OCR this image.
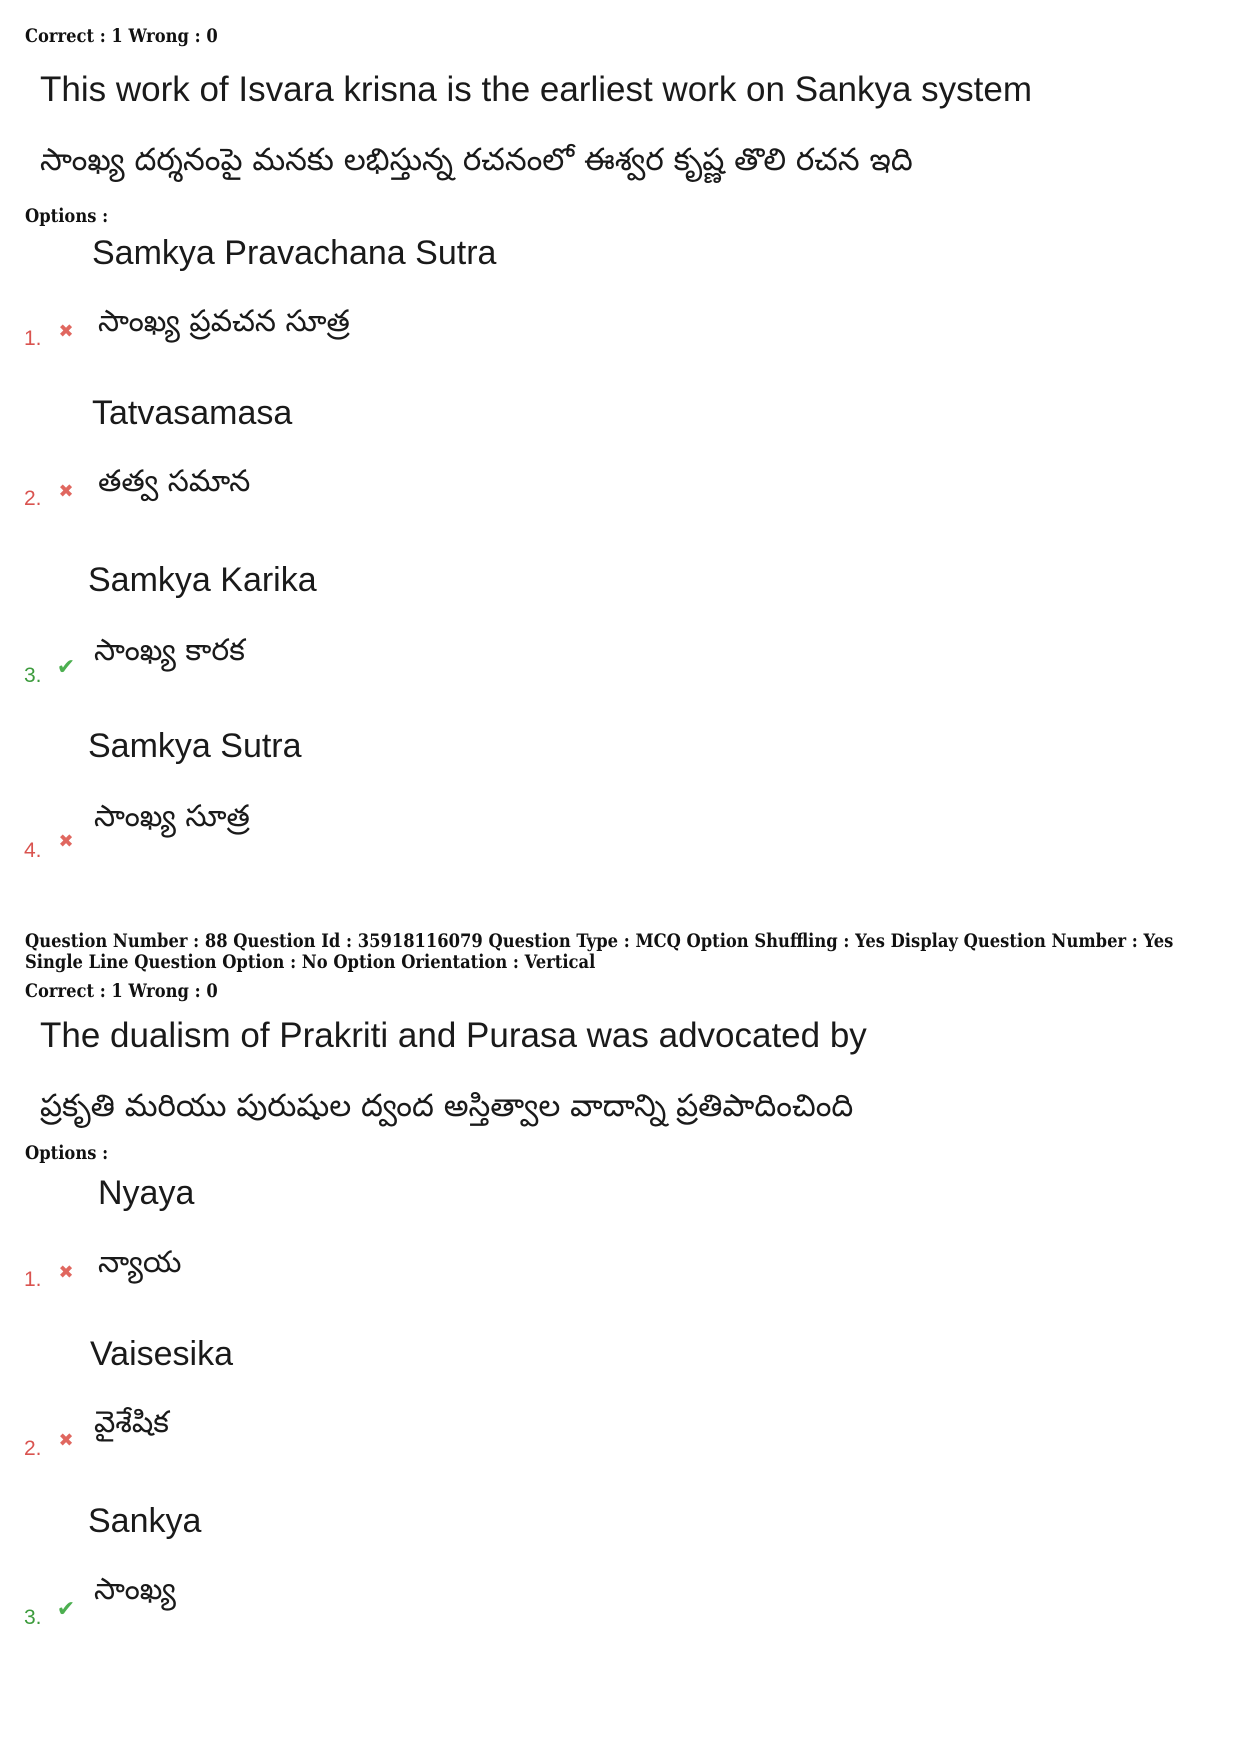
Correct : 1 Wrong : 0
This work of Isvara krisna is the earliest work on Sankya system
సాంఖ్య దర్శనంపై మనకు లభిస్తున్న రచనంలో ఈశ్వర కృష్ణ తొలి రచన ఇది
Options :
Samkya Pravachana Sutra
సాంఖ్య ప్రవచన సూత్ర
1. ✖
Tatvasamasa
తత్వ సమాన
2. ✖
Samkya Karika
సాంఖ్య కారక
3. ✔
Samkya Sutra
సాంఖ్య సూత్ర
4. ✖
Question Number : 88 Question Id : 35918116079 Question Type : MCQ Option Shuffling : Yes Display Question Number : Yes
Single Line Question Option : No Option Orientation : Vertical
Correct : 1 Wrong : 0
The dualism of Prakriti and Purasa was advocated by
ప్రకృతి మరియు పురుషుల ద్వంద అస్తిత్వాల వాదాన్ని ప్రతిపాదించింది
Options :
Nyaya
న్యాయ
1. ✖
Vaisesika
వైశేషిక
2. ✖
Sankya
సాంఖ్య
3. ✔
